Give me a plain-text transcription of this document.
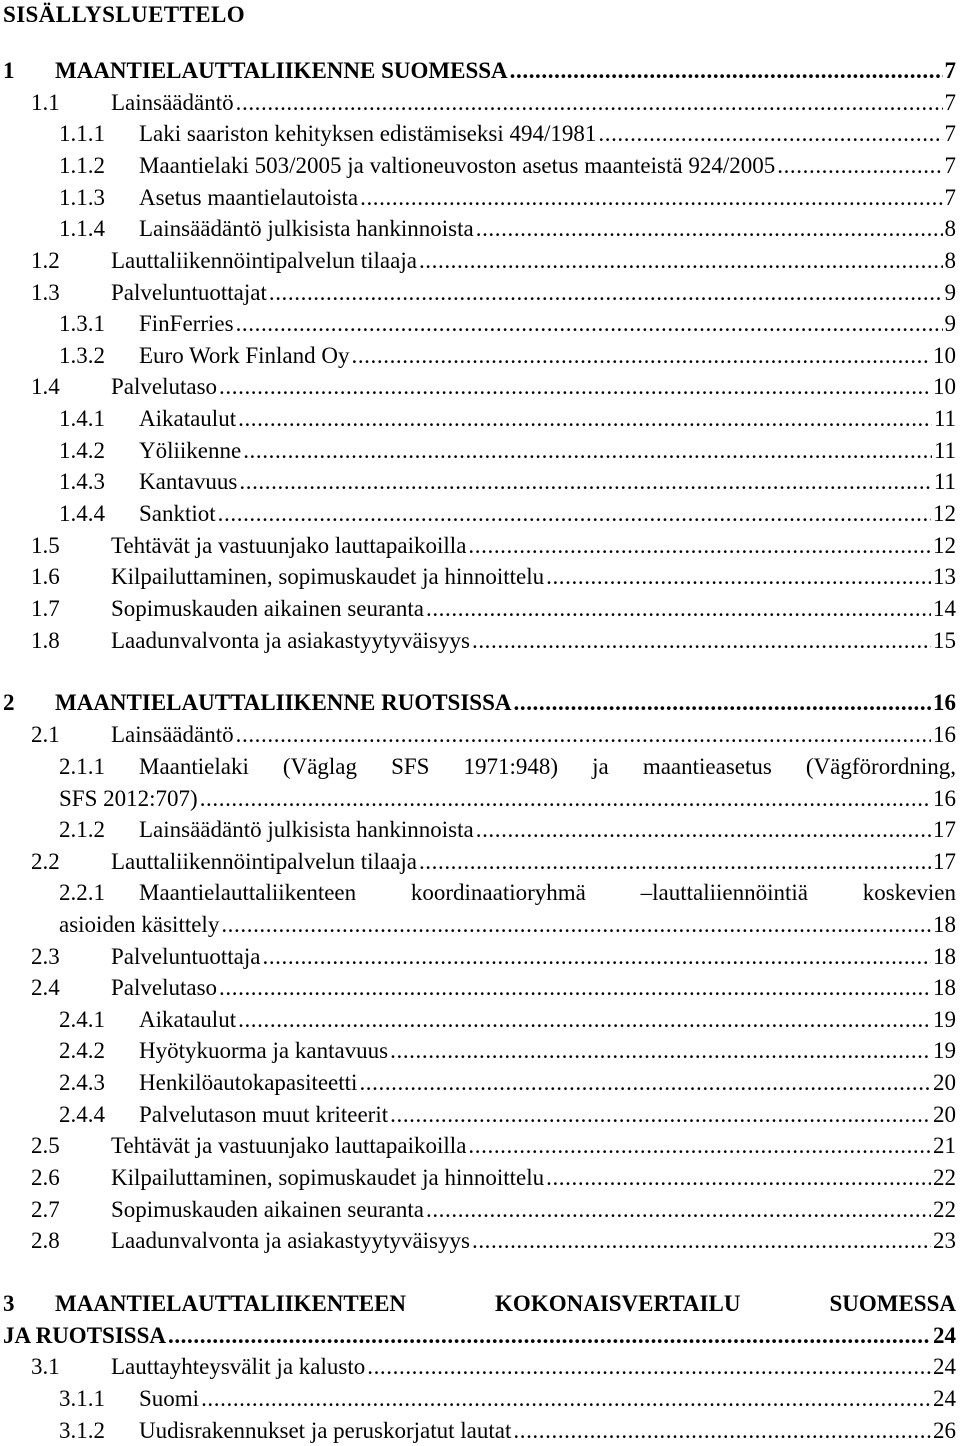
SISÄLLYSLUETTELO
1	MAANTIELAUTTALIIKENNE SUOMESSA .....	7
1.1	Lainsäädäntö .....	7
1.1.1	Laki saariston kehityksen edistämiseksi 494/1981 .....	7
1.1.2	Maantielaki 503/2005 ja valtioneuvoston asetus maanteistä 924/2005 .....	7
1.1.3	Asetus maantielautoista .....	7
1.1.4	Lainsäädäntö julkisista hankinnoista .....	8
1.2	Lauttaliikennöintipalvelun tilaaja .....	8
1.3	Palveluntuottajat .....	9
1.3.1	FinFerries .....	9
1.3.2	Euro Work Finland Oy .....	10
1.4	Palvelutaso .....	10
1.4.1	Aikataulut .....	11
1.4.2	Yöliikenne .....	11
1.4.3	Kantavuus .....	11
1.4.4	Sanktiot .....	12
1.5	Tehtävät ja vastuunjako lauttapaikoilla .....	12
1.6	Kilpailuttaminen, sopimuskaudet ja hinnoittelu .....	13
1.7	Sopimuskauden aikainen seuranta .....	14
1.8	Laadunvalvonta ja asiakastyytyväisyys .....	15
2	MAANTIELAUTTALIIKENNE RUOTSISSA .....	16
2.1	Lainsäädäntö .....	16
2.1.1	Maantielaki (Väglag SFS 1971:948) ja maantieasetus (Vägförordning,
SFS 2012:707) .....	16
2.1.2	Lainsäädäntö julkisista hankinnoista .....	17
2.2	Lauttaliikennöintipalvelun tilaaja .....	17
2.2.1	Maantielauttaliikenteen koordinaatioryhmä –lauttaliiennöintiä koskevien
asioiden käsittely .....	18
2.3	Palveluntuottaja .....	18
2.4	Palvelutaso .....	18
2.4.1	Aikataulut .....	19
2.4.2	Hyötykuorma ja kantavuus .....	19
2.4.3	Henkilöautokapasiteetti .....	20
2.4.4	Palvelutason muut kriteerit .....	20
2.5	Tehtävät ja vastuunjako lauttapaikoilla .....	21
2.6	Kilpailuttaminen, sopimuskaudet ja hinnoittelu .....	22
2.7	Sopimuskauden aikainen seuranta .....	22
2.8	Laadunvalvonta ja asiakastyytyväisyys .....	23
3	MAANTIELAUTTALIIKENTEEN KOKONAISVERTAILU SUOMESSA
JA RUOTSISSA .....	24
3.1	Lauttayhteysvälit ja kalusto .....	24
3.1.1	Suomi .....	24
3.1.2	Uudisrakennukset ja peruskorjatut lautat .....	26
